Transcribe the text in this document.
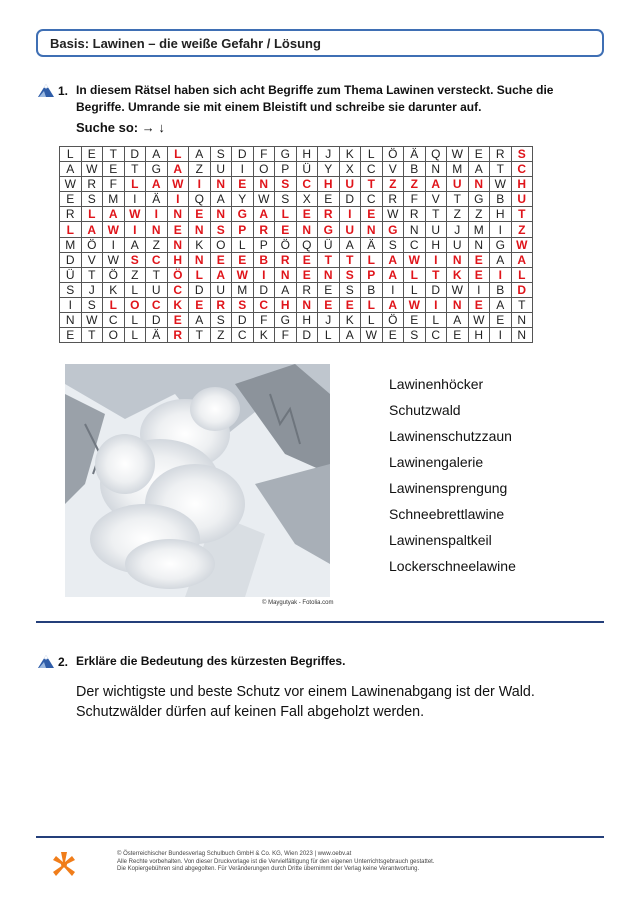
Basis: Lawinen – die weiße Gefahr / Lösung
1. In diesem Rätsel haben sich acht Begriffe zum Thema Lawinen versteckt. Suche die
Begriffe. Umrande sie mit einem Bleistift und schreibe sie darunter auf.
Suche so: → ↓
L	E	T	D	A	L	A	S	D	F	G	H	J	K	L	Ö	Ä	Q	W	E	R	S
A	W	E	T	G	A	Z	U	I	O	P	Ü	Y	X	C	V	B	N	M	A	T	C
W	R	F	L	A	W	I	N	E	N	S	C	H	U	T	Z	Z	A	U	N	W	H
E	S	M	I	Ä	I	Q	A	Y	W	S	X	E	D	C	R	F	V	T	G	B	U
R	L	A	W	I	N	E	N	G	A	L	E	R	I	E	W	R	T	Z	Z	H	T
L	A	W	I	N	E	N	S	P	R	E	N	G	U	N	G	N	U	J	M	I	Z
M	Ö	I	A	Z	N	K	O	L	P	Ö	Q	Ü	A	Ä	S	C	H	U	N	G	W
D	V	W	S	C	H	N	E	E	B	R	E	T	T	L	A	W	I	N	E	A	A
Ü	T	Ö	Z	T	Ö	L	A	W	I	N	E	N	S	P	A	L	T	K	E	I	L
S	J	K	L	U	C	D	U	M	D	A	R	E	S	B	I	L	D	W	I	B	D
I	S	L	O	C	K	E	R	S	C	H	N	E	E	L	A	W	I	N	E	A	T
N	W	C	L	D	E	A	S	D	F	G	H	J	K	L	Ö	E	L	A	W	E	N
E	T	O	L	Ä	R	T	Z	C	K	F	D	L	A	W	E	S	C	E	H	I	N
© Maygutyak - Fotolia.com
Lawinenhöcker
Schutzwald
Lawinenschutzzaun
Lawinengalerie
Lawinensprengung
Schneebrettlawine
Lawinenspaltkeil
Lockerschneelawine
2. Erkläre die Bedeutung des kürzesten Begriffes.
Der wichtigste und beste Schutz vor einem Lawinenabgang ist der Wald.
Schutzwälder dürfen auf keinen Fall abgeholzt werden.
© Österreichischer Bundesverlag Schulbuch GmbH & Co. KG, Wien 2023 | www.oebv.at
Alle Rechte vorbehalten. Von dieser Druckvorlage ist die Vervielfältigung für den eigenen Unterrichtsgebrauch gestattet.
Die Kopiergebühren sind abgegolten. Für Veränderungen durch Dritte übernimmt der Verlag keine Verantwortung.
